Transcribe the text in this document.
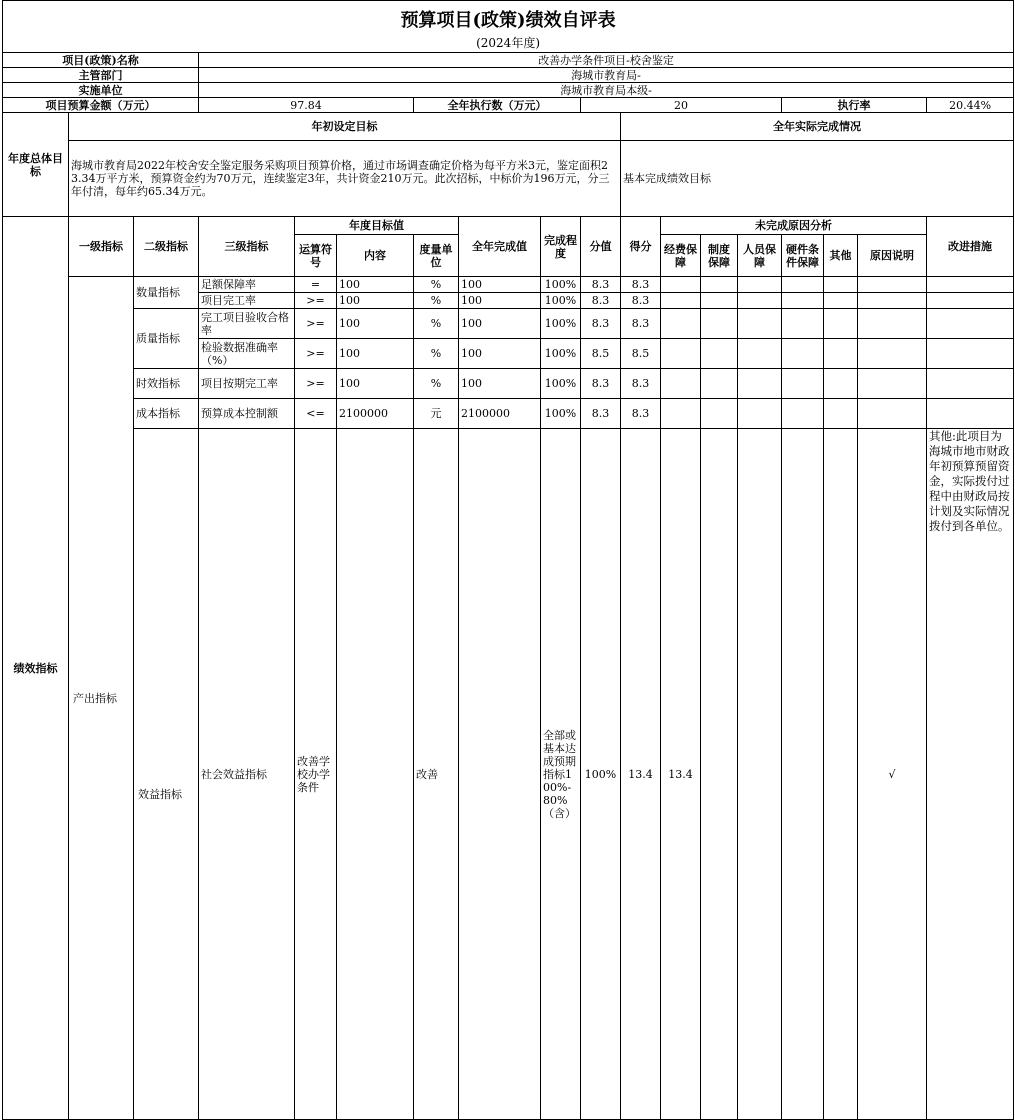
预算项目(政策)绩效自评表																		
(2024年度)																		
项目(政策)名称			改善办学条件项目-校舍鉴定															
主管部门			海城市教育局-															
实施单位			海城市教育局本级-															
项目预算金额（万元）			97.84			全年执行数（万元）			20					执行率			20.44%	
年度总体目标	年初设定目标									全年实际完成情况								
	海城市教育局2022年校舍安全鉴定服务采购项目预算价格，通过市场调查确定价格为每平方米3元，鉴定面积23.34万平方米，预算资金约为70万元，连续鉴定3年，共计资金210万元。此次招标，中标价为196万元，分三年付清，每年约65.34万元。									基本完成绩效目标								
绩效指标	一级指标	二级指标	三级指标	年度目标值			全年完成值	完成程度	分值	得分	未完成原因分析						改进措施	
				运算符号	内容	度量单位					经费保障	制度保障	人员保障	硬件条件保障	其他	原因说明		
	产出指标	数量指标	足额保障率	=	100	%	100	100%	8.3	8.3								
			项目完工率	>=	100	%	100	100%	8.3	8.3								
		质量指标	完工项目验收合格率	>=	100	%	100	100%	8.3	8.3								
			检验数据准确率（%）	>=	100	%	100	100%	8.5	8.5								
		时效指标	项目按期完工率	>=	100	%	100	100%	8.3	8.3								
		成本指标	预算成本控制额	<=	2100000	元	2100000	100%	8.3	8.3								
		效益指标	社会效益指标	改善学校办学条件		改善		全部或基本达成预期指标100%-80%（含）	100%	13.4	13.4					√	其他:此项目为海城市地市财政年初预算预留资金，实际拨付过程中由财政局按计划及实际情况拨付到各单位。	
